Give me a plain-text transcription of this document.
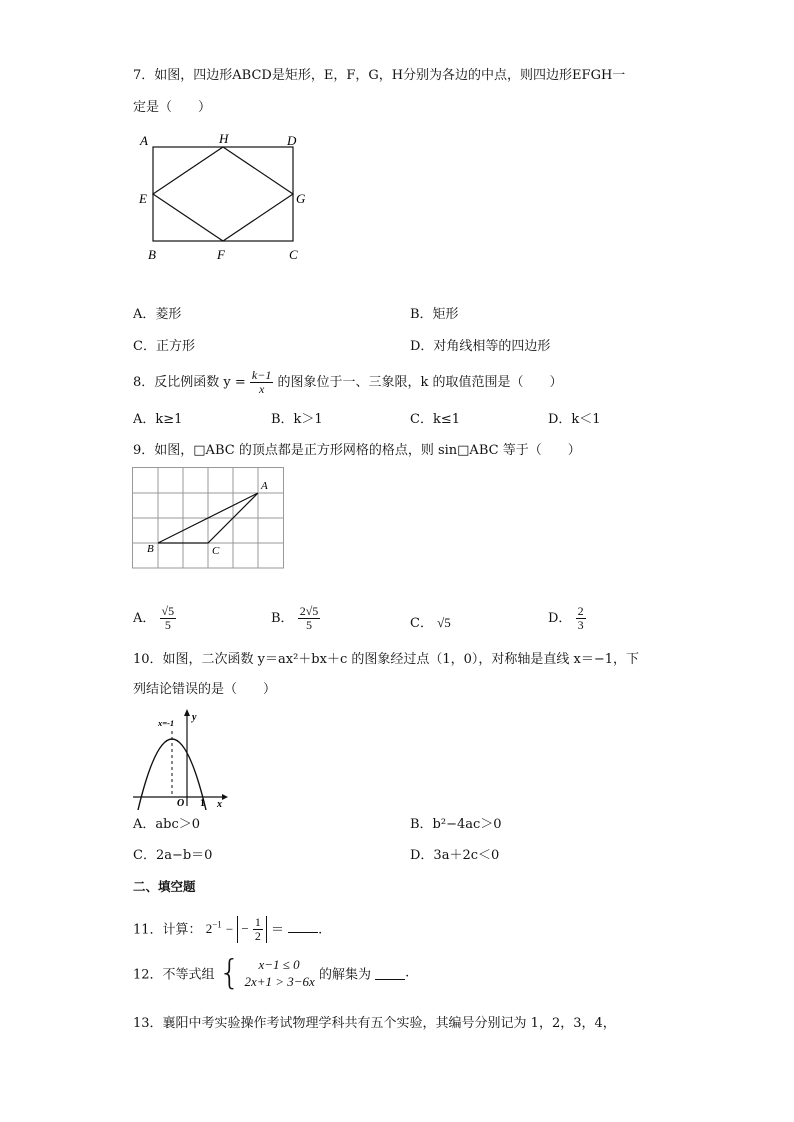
7．如图，四边形ABCD是矩形，E，F，G，H分别为各边的中点，则四边形EFGH一
定是（　　）
A	H	D
E	G
B	F	C
A．菱形	B．矩形
C．正方形	D．对角线相等的四边形
8．反比例函数 $y = \frac{k-1}{x}$ 的图象位于一、三象限，k 的取值范围是（　　）
A．k≥1	B．k＞1	C．k≤1	D．k＜1
9．如图，□ABC 的顶点都是正方形网格的格点，则 sin□ABC 等于（　　）
A
B	C
A． $\frac{√5}{5}$	B． $\frac{2√5}{5}$	C． √5	D． $\frac{2}{3}$
10．如图，二次函数 y＝ax²＋bx＋c 的图象经过点（1，0），对称轴是直线 x＝−1，下
列结论错误的是（　　）
x=-1 y
x
O 1
A．abc＞0	B．b²−4ac＞0
C．2a−b＝0	D．3a＋2c＜0
二、填空题
11．计算： $2^{-1}$ − − $\frac{1}{2}$ ＝	.
12．不等式组 {	x−1 ≤ 0
2x+1 > 3−6x 的解集为	.
13．襄阳中考实验操作考试物理学科共有五个实验，其编号分别记为 1，2，3，4，
